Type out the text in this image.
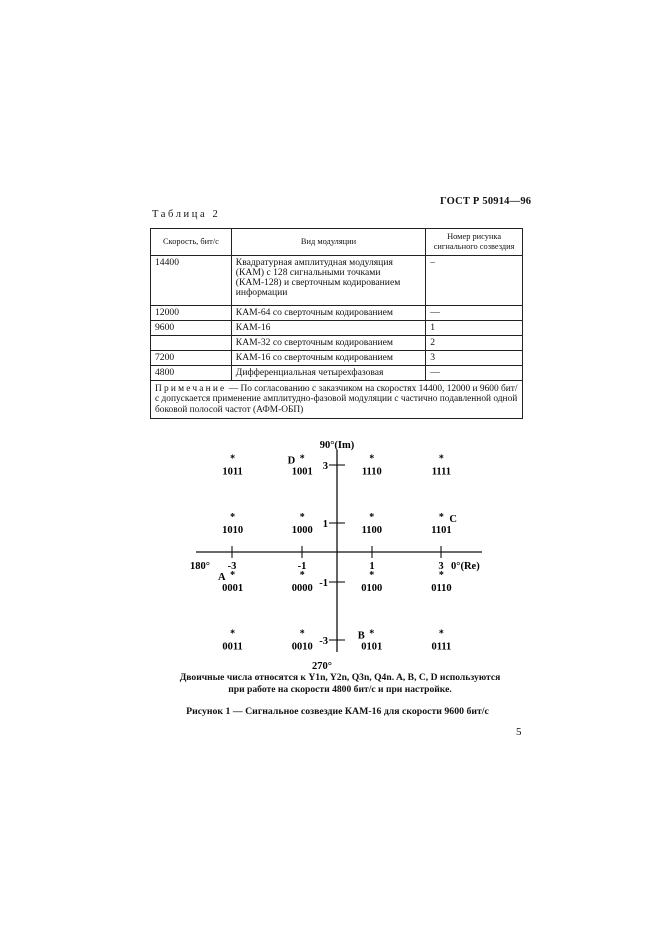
ГОСТ Р 50914—96
Таблица 2
Скорость, бит/с	Вид модуляции	Номер рисунка сигнального созвездия
14400	Квадратурная амплитудная модуляция (КАМ) с 128 сигнальными точками (КАМ-128) и сверточным кодированием информации	–
12000	КАМ-64 со сверточным кодированием	—
9600	КАМ-16	1
	КАМ-32 со сверточным кодированием	2
7200	КАМ-16 со сверточным кодированием	3
4800	Дифференциальная четырехфазовая	—
Примечание — По согласованию с заказчиком на скоростях 14400, 12000 и 9600 бит/с допускается применение амплитудно-фазовой модуляции с частично подавленной одной боковой полосой частот (АФМ-ОБП)		
90°(Im)
270°
180°	0°(Re)
-3	-1	1	3
3
1
-1
-3
*
1011
*
1001
D	*
1110
*
1111
*
1010
*
1000
*
1100
*
1101
C
*
0001
A	*
0000
*
0100
*
0110
*
0011
*
0010
*
0101
B	*
0111
Двоичные числа относятся к Y1n, Y2n, Q3n, Q4n. A, B, C, D используются
при работе на скорости 4800 бит/с и при настройке.
Рисунок 1 — Сигнальное созвездие КАМ-16 для скорости 9600 бит/с
5
